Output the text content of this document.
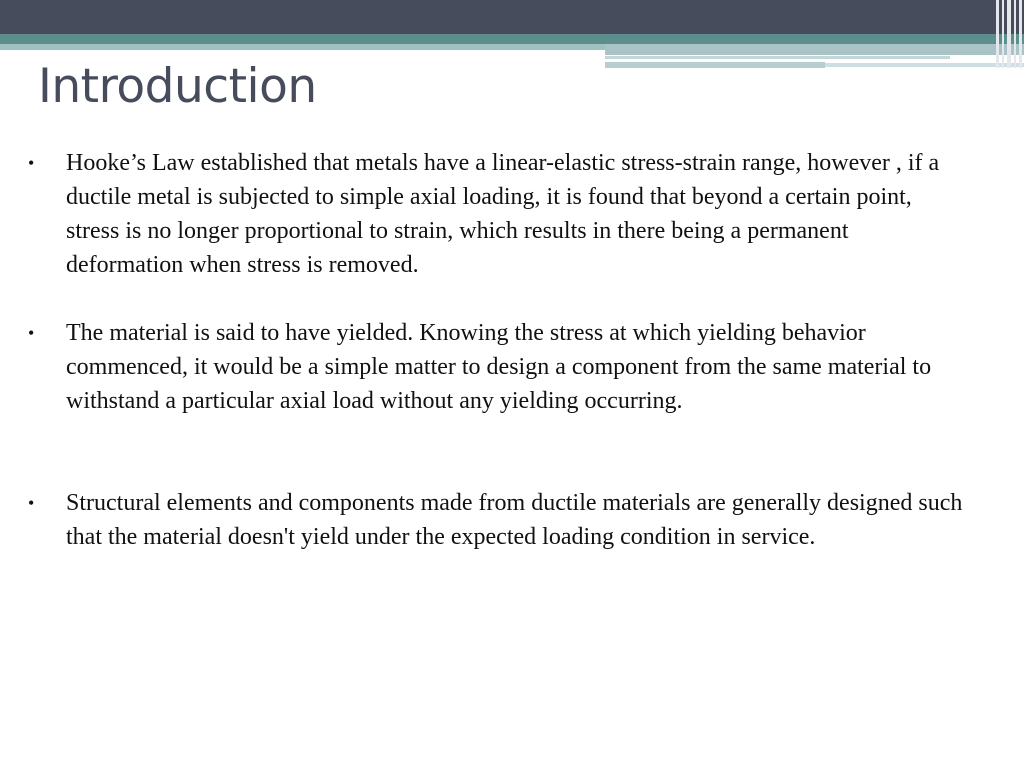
Introduction
• Hooke’s Law established that metals have a linear-elastic stress-strain range, however , if a ductile metal is subjected to simple axial loading, it is found that beyond a certain point, stress is no longer proportional to strain, which results in there being a permanent deformation when stress is removed.
• The material is said to have yielded. Knowing the stress at which yielding behavior commenced, it would be a simple matter to design a component from the same material to withstand a particular axial load without any yielding occurring.
• Structural elements and components made from ductile materials are generally designed such that the material doesn't yield under the expected loading condition in service.
